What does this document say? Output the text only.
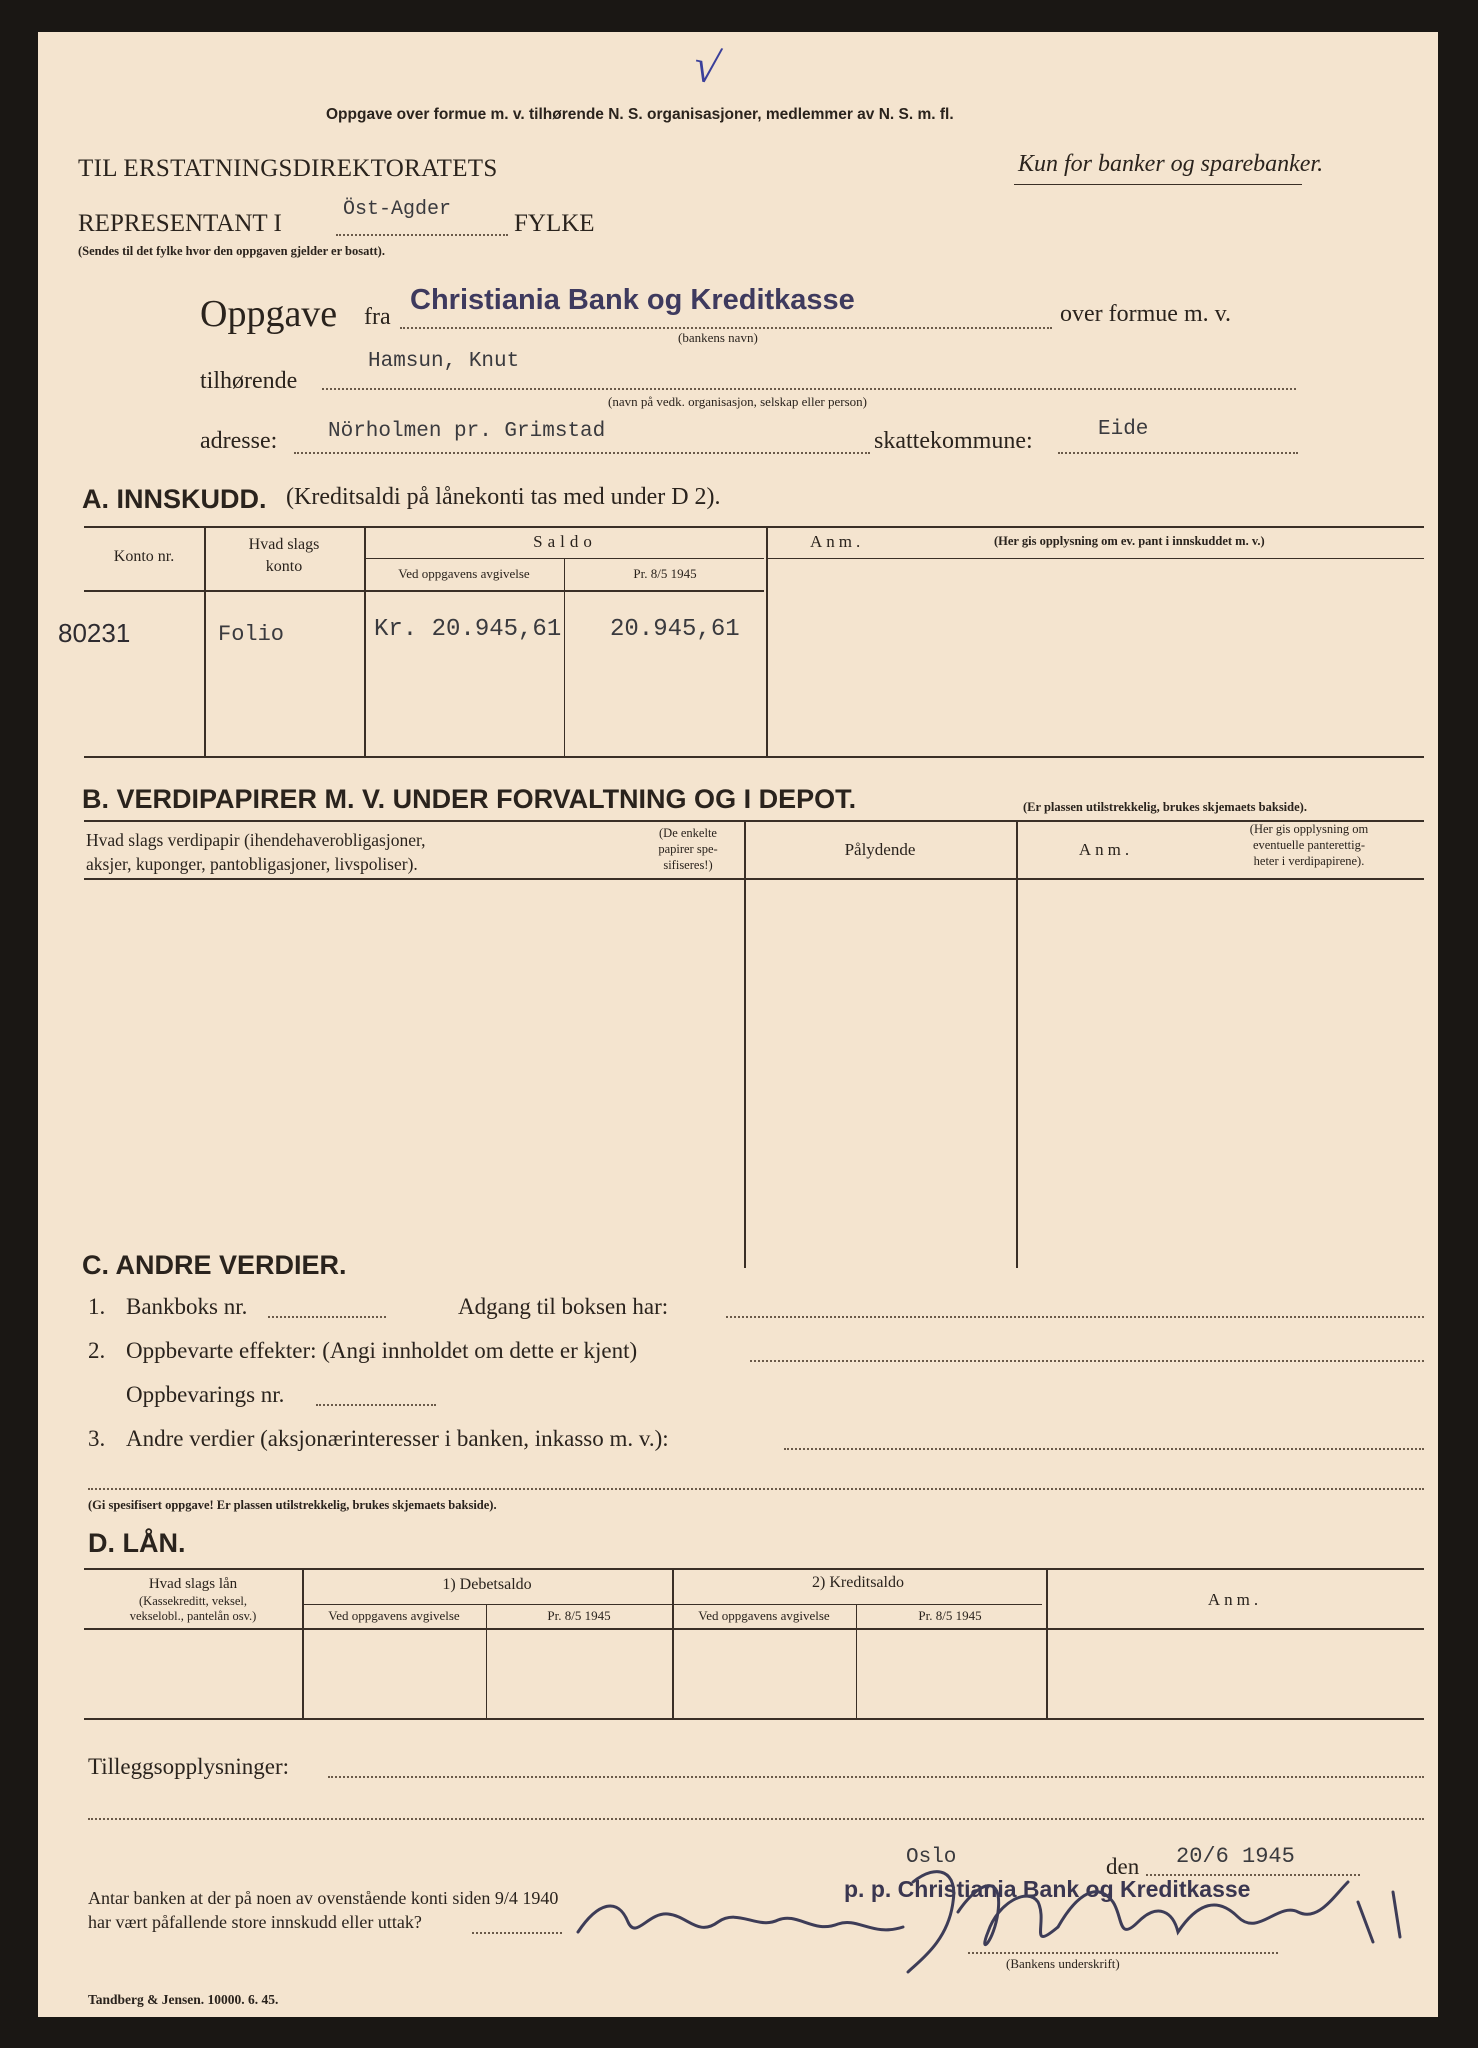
√
Oppgave over formue m. v. tilhørende N. S. organisasjoner, medlemmer av N. S. m. fl.
TIL ERSTATNINGSDIREKTORATETS	Kun for banker og sparebanker.
REPRESENTANT I
Öst-Agder
FYLKE
(Sendes til det fylke hvor den oppgaven gjelder er bosatt).
Oppgave fra
Christiania Bank og Kreditkasse	over formue m. v.
(bankens navn)
tilhørende
Hamsun, Knut
(navn på vedk. organisasjon, selskap eller person)
adresse: Nörholmen pr. Grimstad	skattekommune:	Eide
A. INNSKUDD. (Kreditsaldi på lånekonti tas med under D 2).
Konto nr.
Hvad slags
konto
Saldo
Ved oppgavens avgivelse	Pr. 8/5 1945
Anm.	(Her gis opplysning om ev. pant i innskuddet m. v.)
80231	Folio	Kr. 20.945,61 20.945,61
B. VERDIPAPIRER M. V. UNDER FORVALTNING OG I DEPOT.	(Er plassen utilstrekkelig, brukes skjemaets bakside).
Hvad slags verdipapir (ihendehaverobligasjoner,
aksjer, kuponger, pantobligasjoner, livspoliser).
(De enkelte
papirer spe-
sifiseres!)
Pålydende	Anm.
(Her gis opplysning om
eventuelle panterettig-
heter i verdipapirene).
C. ANDRE VERDIER.
1. Bankboks nr.	Adgang til boksen har:
2. Oppbevarte effekter: (Angi innholdet om dette er kjent)
Oppbevarings nr.
3. Andre verdier (aksjonærinteresser i banken, inkasso m. v.):
(Gi spesifisert oppgave! Er plassen utilstrekkelig, brukes skjemaets bakside).
D. LÅN.
Hvad slags lån
(Kassekreditt, veksel,
vekselobl., pantelån osv.)
1) Debetsaldo	2) Kreditsaldo
Ved oppgavens avgivelse	Pr. 8/5 1945	Ved oppgavens avgivelse	Pr. 8/5 1945
Anm.
Tilleggsopplysninger:
Oslo	den 20/6 1945
Antar banken at der på noen av ovenstående konti siden 9/4 1940
har vært påfallende store innskudd eller uttak?
p. p. Christiania Bank og Kreditkasse
(Bankens underskrift)
Tandberg & Jensen. 10000. 6. 45.
